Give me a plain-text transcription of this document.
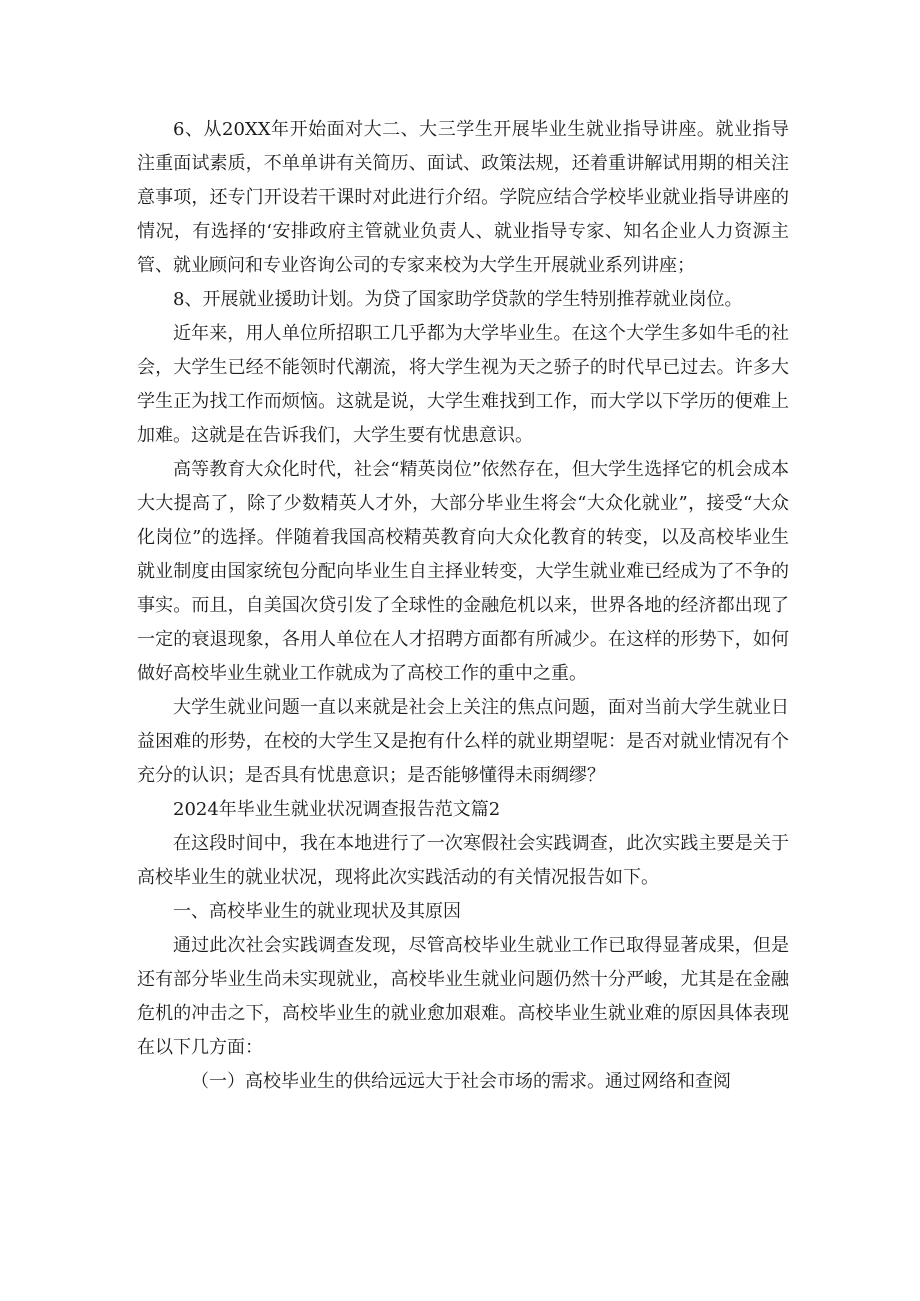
6、从20XX年开始面对大二、大三学生开展毕业生就业指导讲座。就业指导注重面试素质，不单单讲有关简历、面试、政策法规，还着重讲解试用期的相关注意事项，还专门开设若干课时对此进行介绍。学院应结合学校毕业就业指导讲座的情况，有选择的‘安排政府主管就业负责人、就业指导专家、知名企业人力资源主管、就业顾问和专业咨询公司的专家来校为大学生开展就业系列讲座；

8、开展就业援助计划。为贷了国家助学贷款的学生特别推荐就业岗位。

近年来，用人单位所招职工几乎都为大学毕业生。在这个大学生多如牛毛的社会，大学生已经不能领时代潮流，将大学生视为天之骄子的时代早已过去。许多大学生正为找工作而烦恼。这就是说，大学生难找到工作，而大学以下学历的便难上加难。这就是在告诉我们，大学生要有忧患意识。

高等教育大众化时代，社会“精英岗位”依然存在，但大学生选择它的机会成本大大提高了，除了少数精英人才外，大部分毕业生将会“大众化就业”，接受“大众化岗位”的选择。伴随着我国高校精英教育向大众化教育的转变，以及高校毕业生就业制度由国家统包分配向毕业生自主择业转变，大学生就业难已经成为了不争的事实。而且，自美国次贷引发了全球性的金融危机以来，世界各地的经济都出现了一定的衰退现象，各用人单位在人才招聘方面都有所减少。在这样的形势下，如何做好高校毕业生就业工作就成为了高校工作的重中之重。

大学生就业问题一直以来就是社会上关注的焦点问题，面对当前大学生就业日益困难的形势，在校的大学生又是抱有什么样的就业期望呢：是否对就业情况有个充分的认识；是否具有忧患意识；是否能够懂得未雨绸缪？

2024年毕业生就业状况调查报告范文篇2

在这段时间中，我在本地进行了一次寒假社会实践调查，此次实践主要是关于高校毕业生的就业状况，现将此次实践活动的有关情况报告如下。

一、高校毕业生的就业现状及其原因

通过此次社会实践调查发现，尽管高校毕业生就业工作已取得显著成果，但是还有部分毕业生尚未实现就业，高校毕业生就业问题仍然十分严峻，尤其是在金融危机的冲击之下，高校毕业生的就业愈加艰难。高校毕业生就业难的原因具体表现在以下几方面：

（一）高校毕业生的供给远远大于社会市场的需求。通过网络和查阅
